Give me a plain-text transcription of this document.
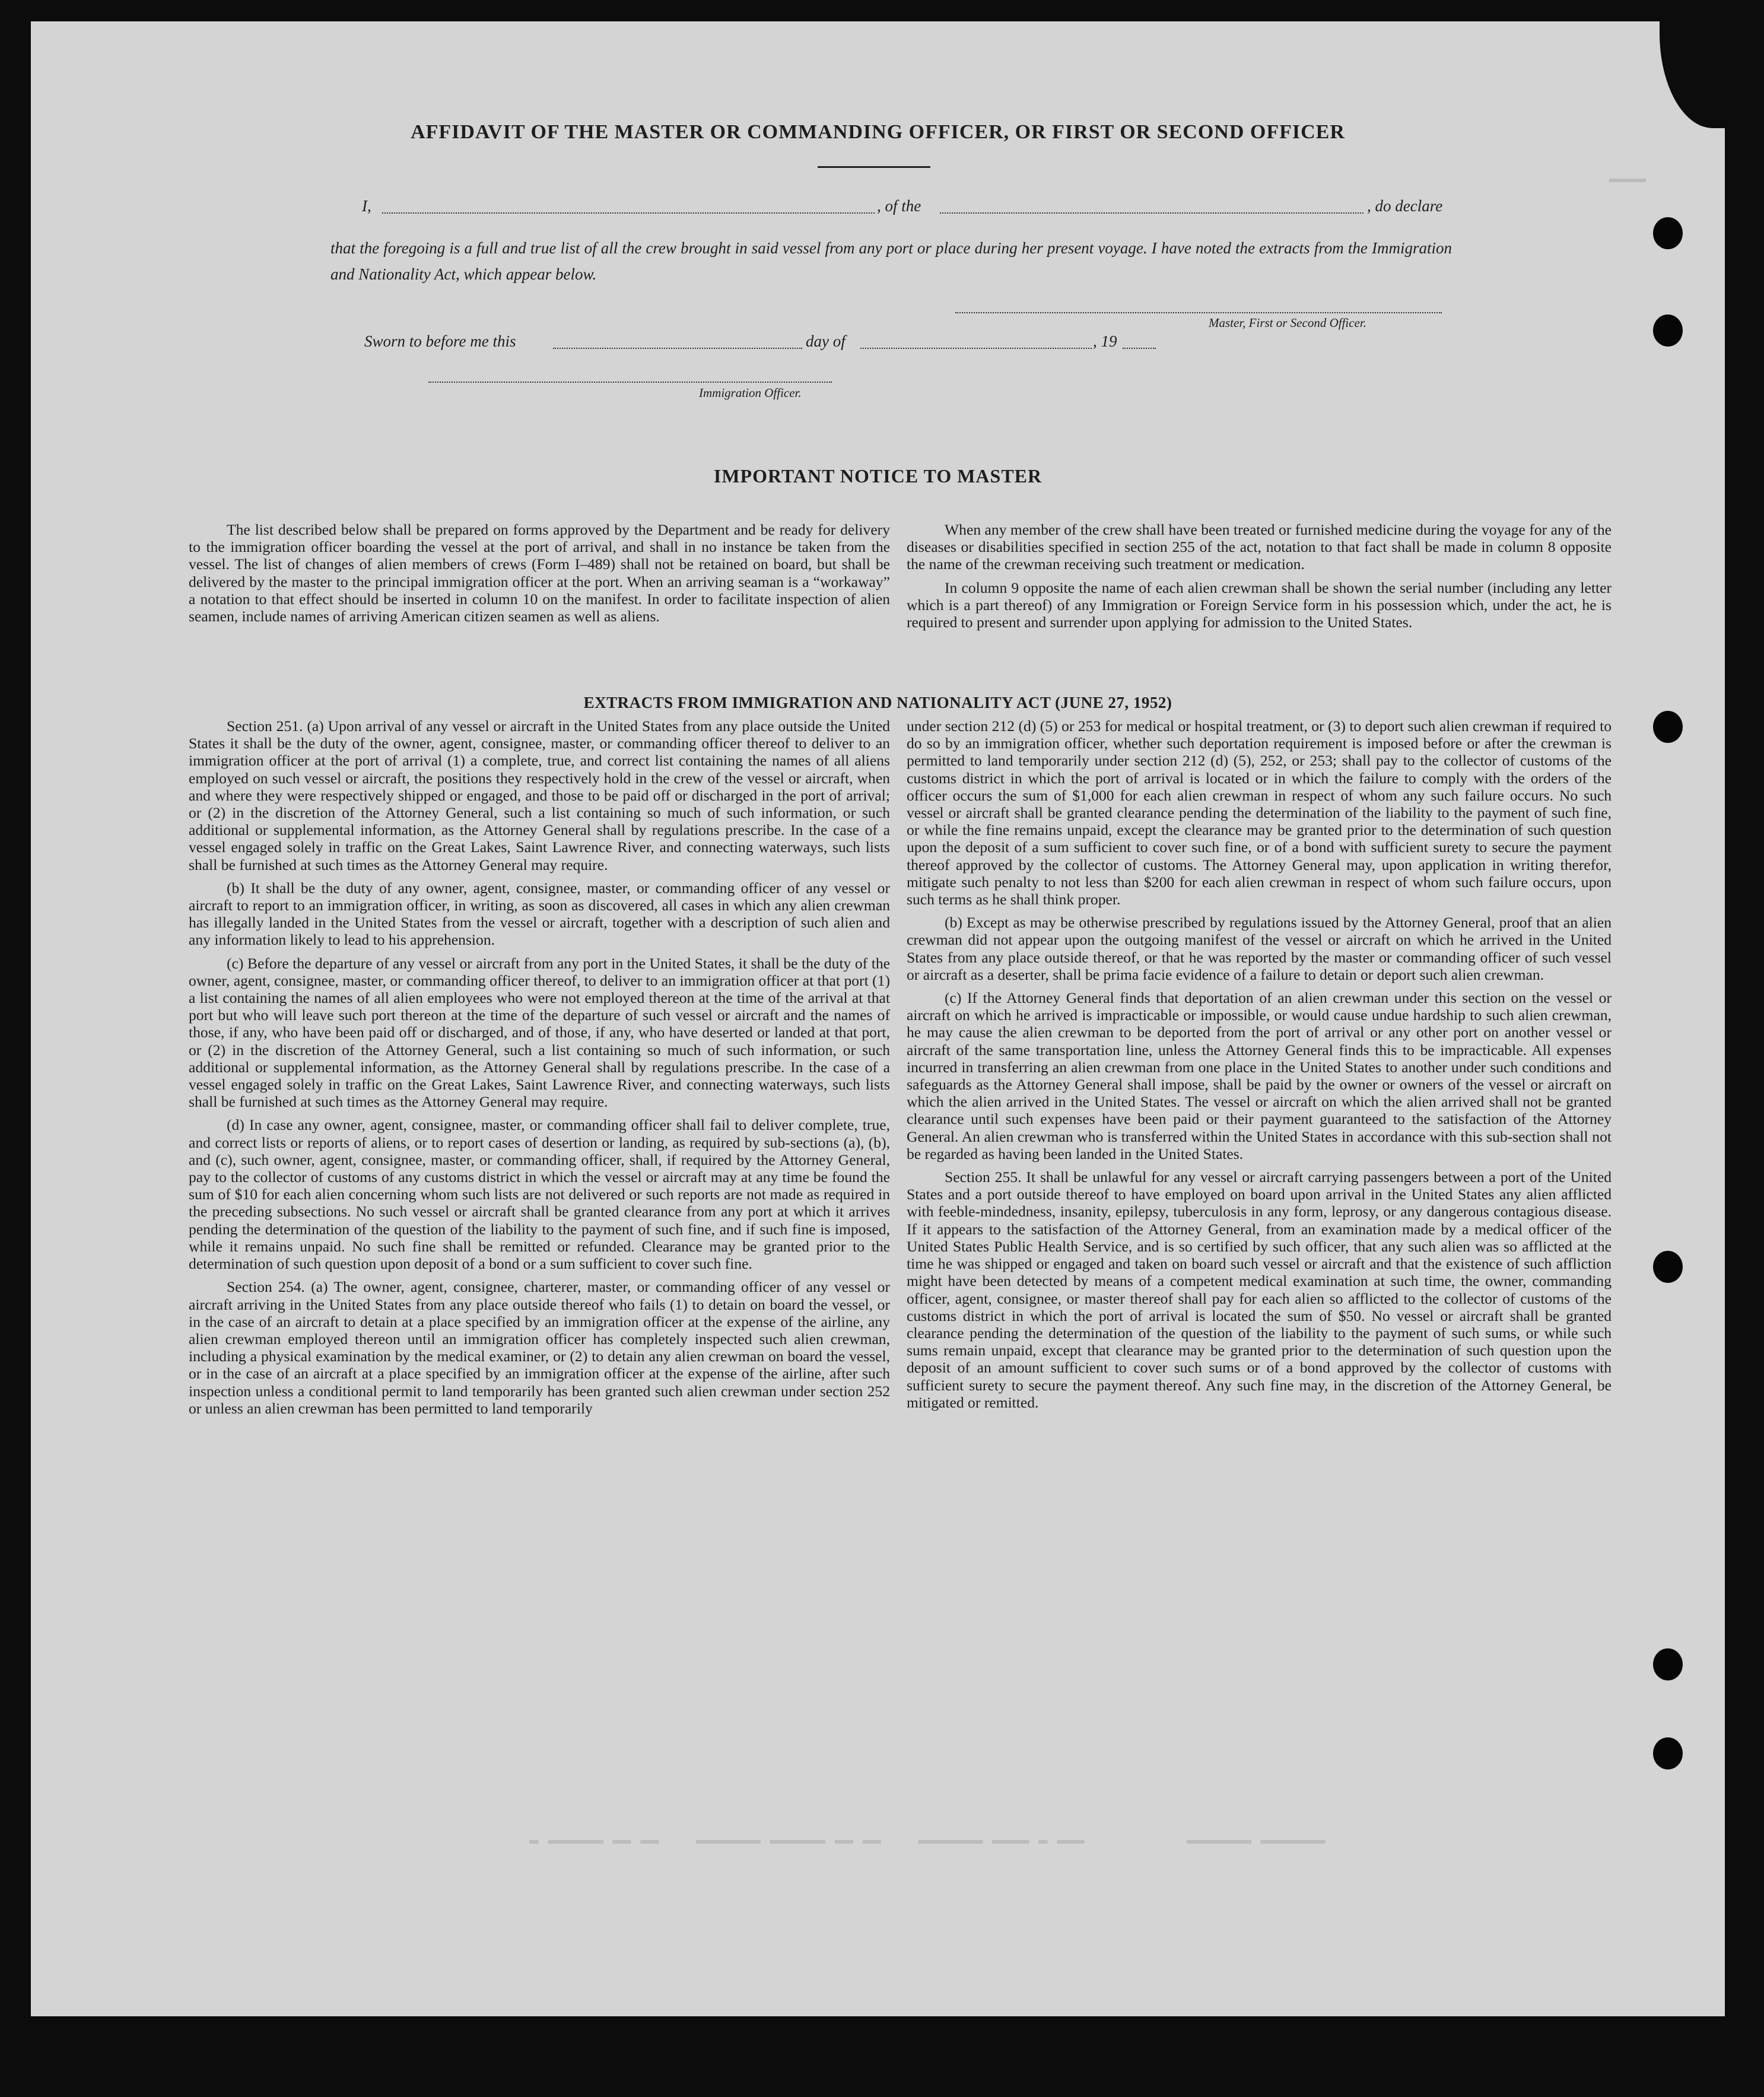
▬▬▬▬
▬ ▬▬▬▬▬▬ ▬▬ ▬▬    ▬▬▬▬▬▬▬ ▬▬▬▬▬▬ ▬▬ ▬▬    ▬▬▬▬▬▬▬ ▬▬▬▬ ▬ ▬▬▬           ▬▬▬▬▬▬▬ ▬▬▬▬▬▬▬
AFFIDAVIT OF THE MASTER OR COMMANDING OFFICER, OR FIRST OR SECOND OFFICER
I,	, of the	, do declare
that the foregoing is a full and true list of all the crew brought in said vessel from any port or place during her present voyage. I have noted the extracts from the Immigration and Nationality Act, which appear below.
Master, First or Second Officer.
Sworn to before me this	day of	, 19
Immigration Officer.
IMPORTANT NOTICE TO MASTER

The list described below shall be prepared on forms approved by the Department and be ready for delivery to the immigration officer boarding the vessel at the port of arrival, and shall in no instance be taken from the vessel. The list of changes of alien members of crews (Form I–489) shall not be retained on board, but shall be delivered by the master to the principal immigration officer at the port. When an arriving seaman is a “workaway” a notation to that effect should be inserted in column 10 on the manifest. In order to facilitate inspection of alien seamen, include names of arriving American citizen seamen as well as aliens.

When any member of the crew shall have been treated or furnished medicine during the voyage for any of the diseases or disabilities specified in section 255 of the act, notation to that fact shall be made in column 8 opposite the name of the crewman receiving such treatment or medication.

In column 9 opposite the name of each alien crewman shall be shown the serial number (including any letter which is a part thereof) of any Immigration or Foreign Service form in his possession which, under the act, he is required to present and surrender upon applying for admission to the United States.

EXTRACTS FROM IMMIGRATION AND NATIONALITY ACT (JUNE 27, 1952)

Section 251. (a) Upon arrival of any vessel or aircraft in the United States from any place outside the United States it shall be the duty of the owner, agent, consignee, master, or commanding officer thereof to deliver to an immigration officer at the port of arrival (1) a complete, true, and correct list containing the names of all aliens employed on such vessel or aircraft, the positions they respectively hold in the crew of the vessel or aircraft, when and where they were respectively shipped or engaged, and those to be paid off or discharged in the port of arrival; or (2) in the discretion of the Attorney General, such a list containing so much of such information, or such additional or supplemental information, as the Attorney General shall by regulations prescribe. In the case of a vessel engaged solely in traffic on the Great Lakes, Saint Lawrence River, and connecting waterways, such lists shall be furnished at such times as the Attorney General may require.

(b) It shall be the duty of any owner, agent, consignee, master, or commanding officer of any vessel or aircraft to report to an immigration officer, in writing, as soon as discovered, all cases in which any alien crewman has illegally landed in the United States from the vessel or aircraft, together with a description of such alien and any information likely to lead to his apprehension.

(c) Before the departure of any vessel or aircraft from any port in the United States, it shall be the duty of the owner, agent, consignee, master, or commanding officer thereof, to deliver to an immigration officer at that port (1) a list containing the names of all alien employees who were not employed thereon at the time of the arrival at that port but who will leave such port thereon at the time of the departure of such vessel or aircraft and the names of those, if any, who have been paid off or discharged, and of those, if any, who have deserted or landed at that port, or (2) in the discretion of the Attorney General, such a list containing so much of such information, or such additional or supplemental information, as the Attorney General shall by regulations prescribe. In the case of a vessel engaged solely in traffic on the Great Lakes, Saint Lawrence River, and connecting waterways, such lists shall be furnished at such times as the Attorney General may require.

(d) In case any owner, agent, consignee, master, or commanding officer shall fail to deliver complete, true, and correct lists or reports of aliens, or to report cases of desertion or landing, as required by sub-sections (a), (b), and (c), such owner, agent, consignee, master, or commanding officer, shall, if required by the Attorney General, pay to the collector of customs of any customs district in which the vessel or aircraft may at any time be found the sum of $10 for each alien concerning whom such lists are not delivered or such reports are not made as required in the preceding subsections. No such vessel or aircraft shall be granted clearance from any port at which it arrives pending the determination of the question of the liability to the payment of such fine, and if such fine is imposed, while it remains unpaid. No such fine shall be remitted or refunded. Clearance may be granted prior to the determination of such question upon deposit of a bond or a sum sufficient to cover such fine.

Section 254. (a) The owner, agent, consignee, charterer, master, or commanding officer of any vessel or aircraft arriving in the United States from any place outside thereof who fails (1) to detain on board the vessel, or in the case of an aircraft to detain at a place specified by an immigration officer at the expense of the airline, any alien crewman employed thereon until an immigration officer has completely inspected such alien crewman, including a physical examination by the medical examiner, or (2) to detain any alien crewman on board the vessel, or in the case of an aircraft at a place specified by an immigration officer at the expense of the airline, after such inspection unless a conditional permit to land temporarily has been granted such alien crewman under section 252 or unless an alien crewman has been permitted to land temporarily

under section 212 (d) (5) or 253 for medical or hospital treatment, or (3) to deport such alien crewman if required to do so by an immigration officer, whether such deportation requirement is imposed before or after the crewman is permitted to land temporarily under section 212 (d) (5), 252, or 253; shall pay to the collector of customs of the customs district in which the port of arrival is located or in which the failure to comply with the orders of the officer occurs the sum of $1,000 for each alien crewman in respect of whom any such failure occurs. No such vessel or aircraft shall be granted clearance pending the determination of the liability to the payment of such fine, or while the fine remains unpaid, except the clearance may be granted prior to the determination of such question upon the deposit of a sum sufficient to cover such fine, or of a bond with sufficient surety to secure the payment thereof approved by the collector of customs. The Attorney General may, upon application in writing therefor, mitigate such penalty to not less than $200 for each alien crewman in respect of whom such failure occurs, upon such terms as he shall think proper.

(b) Except as may be otherwise prescribed by regulations issued by the Attorney General, proof that an alien crewman did not appear upon the outgoing manifest of the vessel or aircraft on which he arrived in the United States from any place outside thereof, or that he was reported by the master or commanding officer of such vessel or aircraft as a deserter, shall be prima facie evidence of a failure to detain or deport such alien crewman.

(c) If the Attorney General finds that deportation of an alien crewman under this section on the vessel or aircraft on which he arrived is impracticable or impossible, or would cause undue hardship to such alien crewman, he may cause the alien crewman to be deported from the port of arrival or any other port on another vessel or aircraft of the same transportation line, unless the Attorney General finds this to be impracticable. All expenses incurred in transferring an alien crewman from one place in the United States to another under such conditions and safeguards as the Attorney General shall impose, shall be paid by the owner or owners of the vessel or aircraft on which the alien arrived in the United States. The vessel or aircraft on which the alien arrived shall not be granted clearance until such expenses have been paid or their payment guaranteed to the satisfaction of the Attorney General. An alien crewman who is transferred within the United States in accordance with this sub-section shall not be regarded as having been landed in the United States.

Section 255. It shall be unlawful for any vessel or aircraft carrying passengers between a port of the United States and a port outside thereof to have employed on board upon arrival in the United States any alien afflicted with feeble-mindedness, insanity, epilepsy, tuberculosis in any form, leprosy, or any dangerous contagious disease. If it appears to the satisfaction of the Attorney General, from an examination made by a medical officer of the United States Public Health Service, and is so certified by such officer, that any such alien was so afflicted at the time he was shipped or engaged and taken on board such vessel or aircraft and that the existence of such affliction might have been detected by means of a competent medical examination at such time, the owner, commanding officer, agent, consignee, or master thereof shall pay for each alien so afflicted to the collector of customs of the customs district in which the port of arrival is located the sum of $50. No vessel or aircraft shall be granted clearance pending the determination of the question of the liability to the payment of such sums, or while such sums remain unpaid, except that clearance may be granted prior to the determination of such question upon the deposit of an amount sufficient to cover such sums or of a bond approved by the collector of customs with sufficient surety to secure the payment thereof. Any such fine may, in the discretion of the Attorney General, be mitigated or remitted.
